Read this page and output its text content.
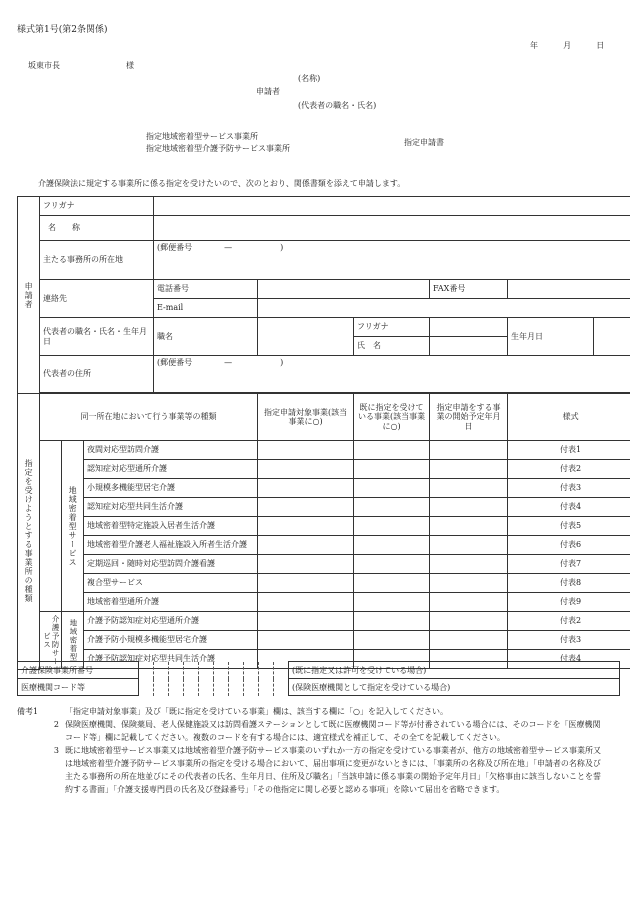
様式第1号(第2条関係)
年	月	日
坂東市長	様
(名称)
申請者
(代表者の職名・氏名)
指定地域密着型サービス事業所
指定地域密着型介護予防サービス事業所
指定申請書
介護保険法に規定する事業所に係る指定を受けたいので、次のとおり、関係書類を添えて申請します。
申請者	フリガナ								
	名　　称								
	主たる事務所の所在地			(郵便番号　　　　—　　　　　　)					

	連絡先			電話番号			FAX番号		
				E-mail					
	代表者の職名・氏名・生年月日			職名		フリガナ		生年月日	
						氏　名			
	代表者の住所			(郵便番号　　　　—　　　　　　)					

指定を受けようとする事業所の種類	同一所在地において行う事業等の種類				指定申請対象事業(該当事業に○)	既に指定を受けている事業(該当事業に○)	指定申請をする事業の開始予定年月日	様式	
		地域密着型サービス	夜間対応型訪問介護					付表1	
			認知症対応型通所介護					付表2	
			小規模多機能型居宅介護					付表3	
			認知症対応型共同生活介護					付表4	
			地域密着型特定施設入居者生活介護					付表5	
			地域密着型介護老人福祉施設入所者生活介護					付表6	
			定期巡回・随時対応型訪問介護看護					付表7	
			複合型サービス					付表8	
			地域密着型通所介護					付表9	
	介護予防サービス	地域密着型	介護予防認知症対応型通所介護					付表2	
			介護予防小規模多機能型居宅介護					付表3	
			介護予防認知症対応型共同生活介護					付表4	

介護保険事業所番号											(既に指定又は許可を受けている場合)
医療機関コード等											(保険医療機関として指定を受けている場合)
備考1	「指定申請対象事業」及び「既に指定を受けている事業」欄は、該当する欄に「○」を記入してください。
2 保険医療機関、保険薬局、老人保健施設又は訪問看護ステーションとして既に医療機関コード等が付番されている場合には、そのコードを「医療機関コード等」欄に記載してください。複数のコードを有する場合には、適宜様式を補正して、その全てを記載してください。
3 既に地域密着型サービス事業又は地域密着型介護予防サービス事業のいずれか一方の指定を受けている事業者が、他方の地域密着型サービス事業所又は地域密着型介護予防サービス事業所の指定を受ける場合において、届出事項に変更がないときには、「事業所の名称及び所在地」「申請者の名称及び主たる事務所の所在地並びにその代表者の氏名、生年月日、住所及び職名」「当該申請に係る事業の開始予定年月日」「欠格事由に該当しないことを誓約する書面」「介護支援専門員の氏名及び登録番号」「その他指定に関し必要と認める事項」を除いて届出を省略できます。
